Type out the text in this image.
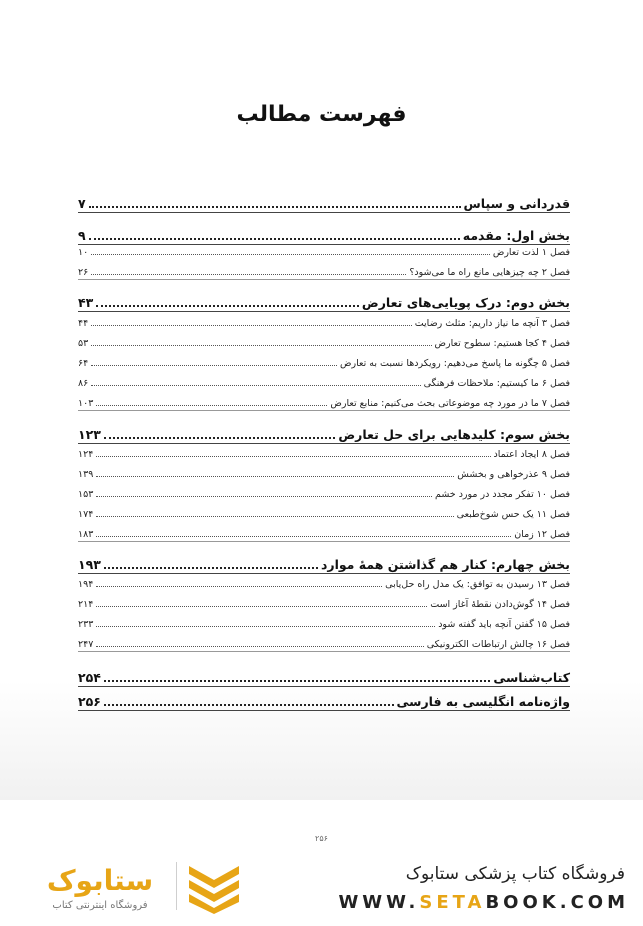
فهرست مطالب
قدردانی و سپاس
۷
بخش اول: مقدمه
۹
فصل ۱ لذت تعارض
۱۰
فصل ۲ چه چیزهایی مانع راه ما می‌شود؟
۲۶
بخش دوم: درک پویایی‌های تعارض
۴۳
فصل ۳ آنچه ما نیاز داریم: مثلث رضایت
۴۴
فصل ۴ کجا هستیم: سطوح تعارض
۵۳
فصل ۵ چگونه ما پاسخ می‌دهیم: رویکردها نسبت به تعارض
۶۴
فصل ۶ ما کیستیم: ملاحظات فرهنگی
۸۶
فصل ۷ ما در مورد چه موضوعاتی بحث می‌کنیم: منابع تعارض
۱۰۳
بخش سوم: کلیدهایی برای حل تعارض
۱۲۳
فصل ۸ ایجاد اعتماد
۱۲۴
فصل ۹ عذرخواهی و بخشش
۱۳۹
فصل ۱۰ تفکر مجدد در مورد خشم
۱۵۳
فصل ۱۱ یک حس شوخ‌طبعی
۱۷۴
فصل ۱۲ زمان
۱۸۳
بخش چهارم: کنار هم گذاشتن همهٔ موارد
۱۹۳
فصل ۱۳ رسیدن به توافق: یک مدل راه حل‌یابی
۱۹۴
فصل ۱۴ گوش‌دادن نقطهٔ آغاز است
۲۱۴
فصل ۱۵ گفتن آنچه باید گفته شود
۲۳۳
فصل ۱۶ چالش ارتباطات الکترونیکی
۲۴۷
کتاب‌شناسی
۲۵۴
واژه‌نامه انگلیسی به فارسی
۲۵۶
۲۵۶
ستابوک
فروشگاه اینترنتی کتاب
فروشگاه کتاب پزشکی ستابوک
WWW.SETABOOK.COM
